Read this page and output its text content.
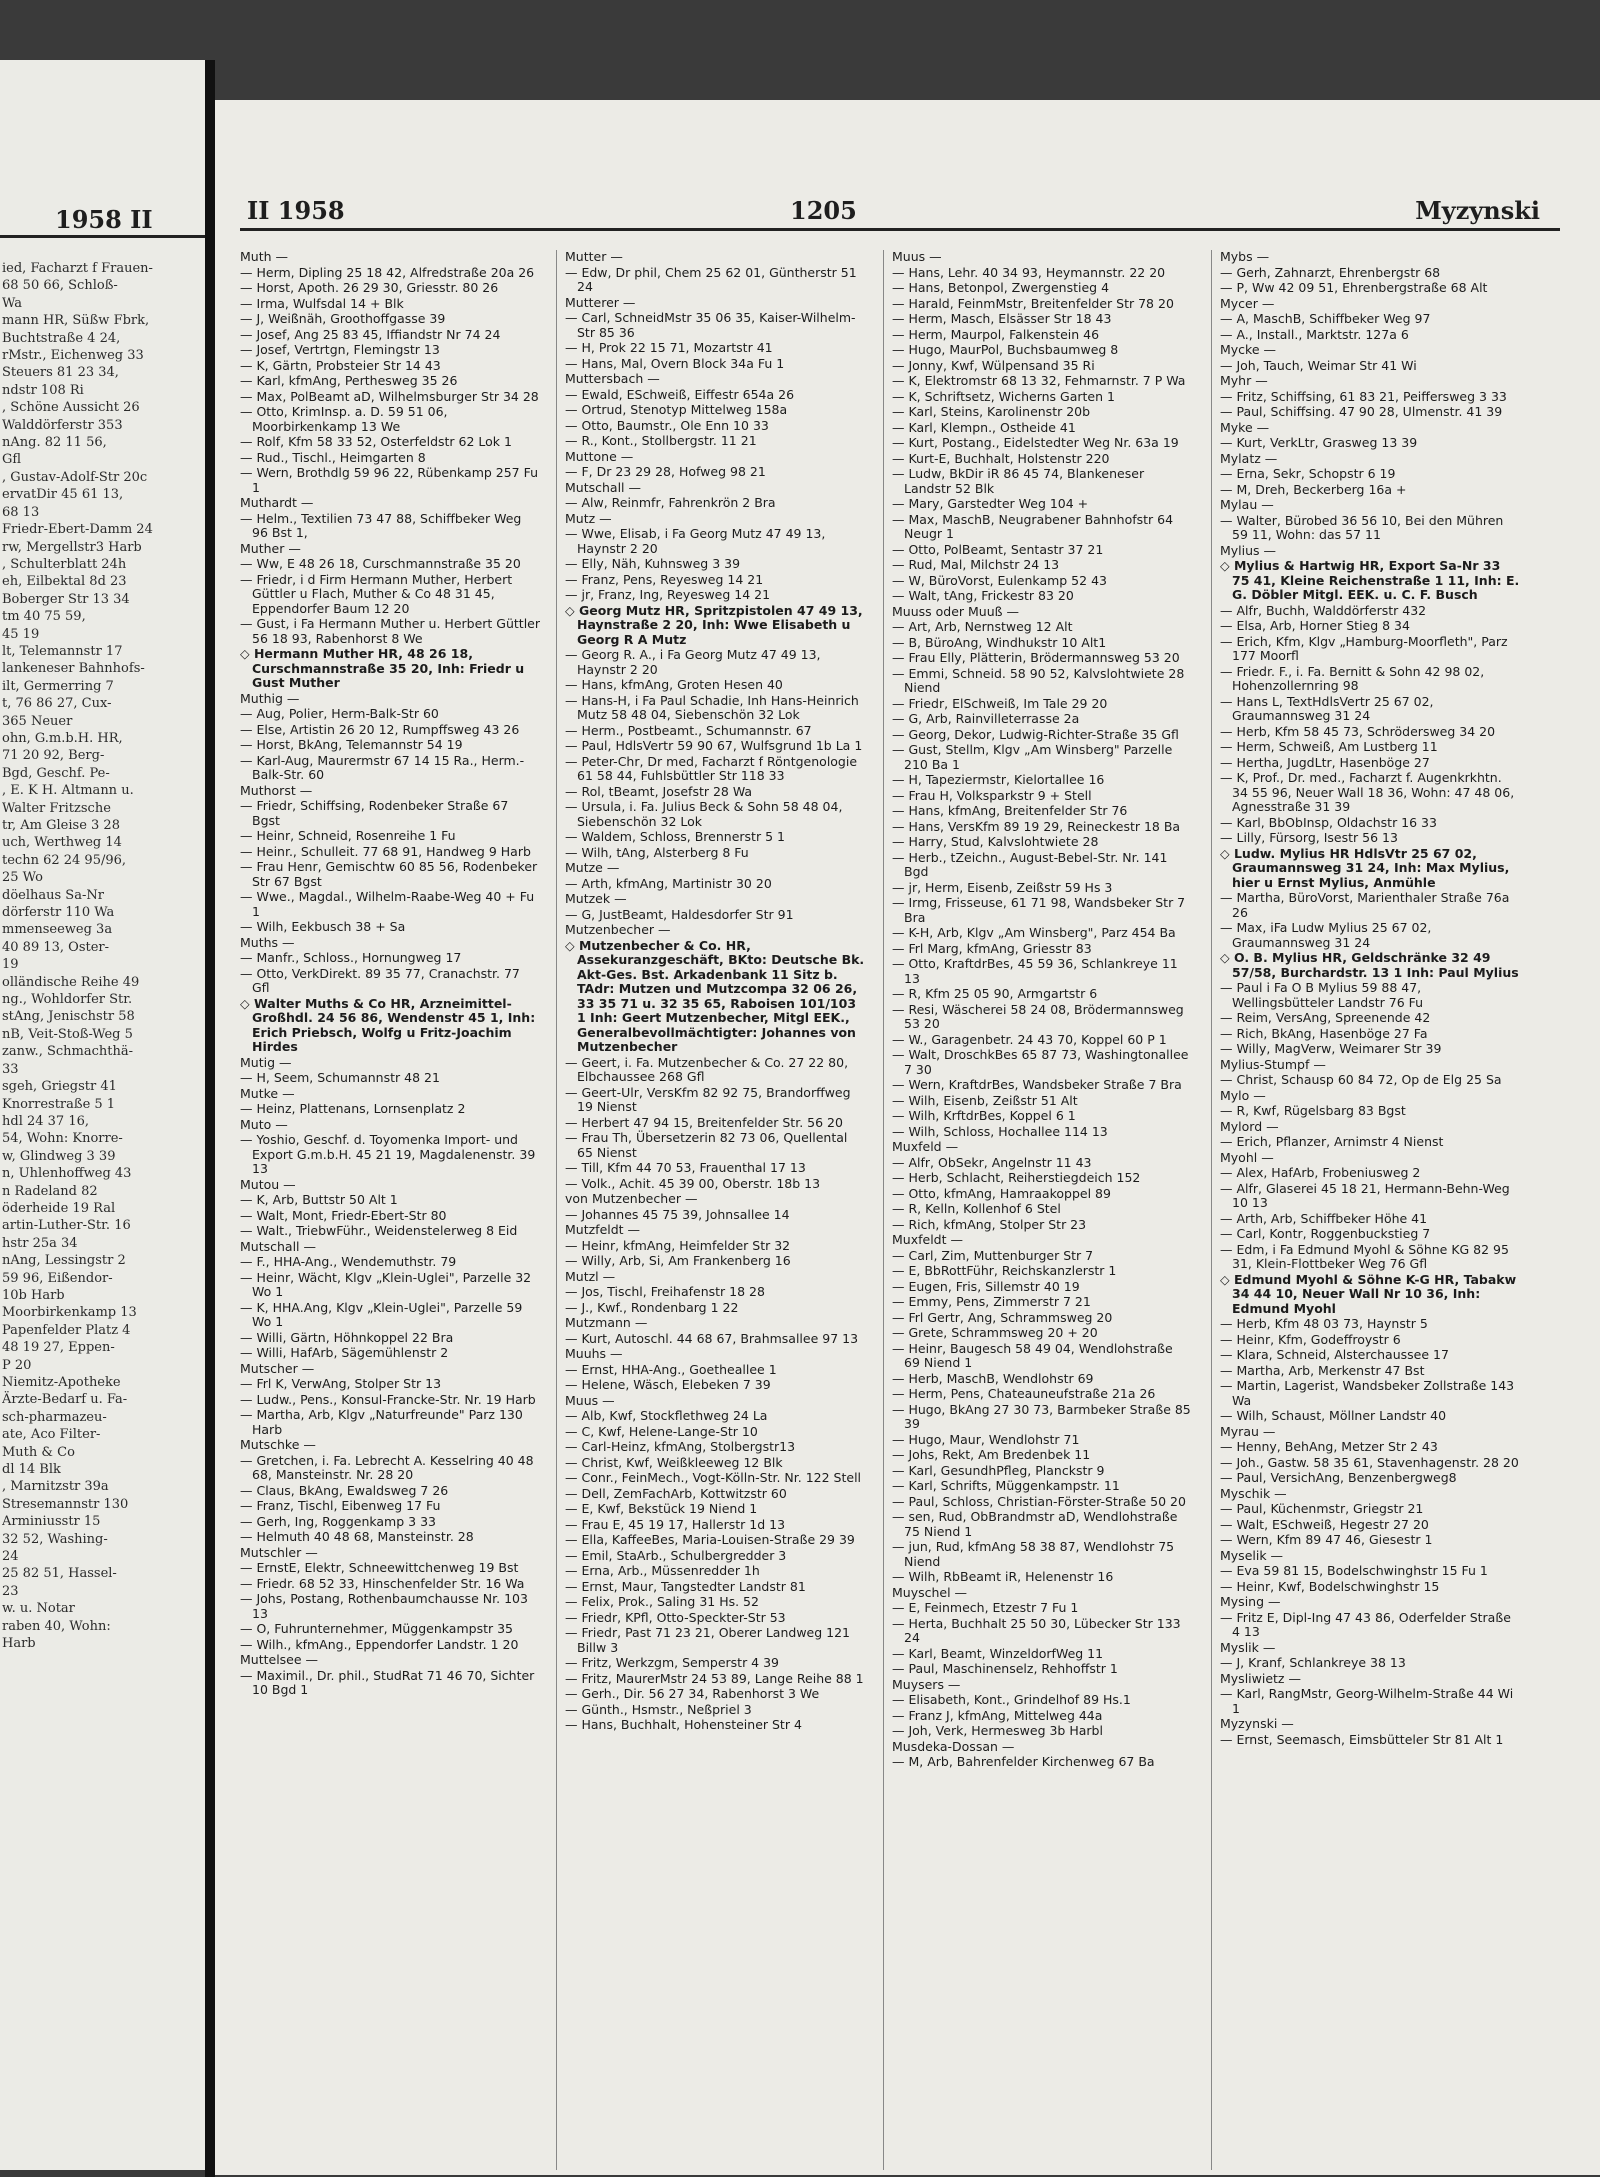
1958 II
ied, Facharzt f Frauen-
68 50 66, Schloß-
Wa
mann HR, Süßw Fbrk,
Buchtstraße 4 24,
rMstr., Eichenweg 33
Steuers 81 23 34,
ndstr 108 Ri
, Schöne Aussicht 26
Walddörferstr 353
nAng. 82 11 56,
Gfl
, Gustav-Adolf-Str 20c
ervatDir 45 61 13,
68 13
Friedr-Ebert-Damm 24
rw, Mergellstr3 Harb
, Schulterblatt 24h
eh, Eilbektal 8d 23
Boberger Str 13 34
tm 40 75 59,
45 19
lt, Telemannstr 17
lankeneser Bahnhofs-
ilt, Germerring 7
t, 76 86 27, Cux-
365 Neuer
ohn, G.m.b.H. HR,
71 20 92, Berg-
Bgd, Geschf. Pe-
, E. K H. Altmann u.
Walter Fritzsche
tr, Am Gleise 3 28
uch, Werthweg 14
techn 62 24 95/96,
25 Wo
döelhaus Sa-Nr
dörferstr 110 Wa
mmenseeweg 3a
40 89 13, Oster-
19
olländische Reihe 49
ng., Wohldorfer Str.
stAng, Jenischstr 58
nB, Veit-Stoß-Weg 5
zanw., Schmachthä-
33
sgeh, Griegstr 41
Knorrestraße 5 1
hdl 24 37 16,
54, Wohn: Knorre-
w, Glindweg 3 39
n, Uhlenhoffweg 43
n Radeland 82
öderheide 19 Ral
artin-Luther-Str. 16
hstr 25a 34
nAng, Lessingstr 2
59 96, Eißendor-
10b Harb
Moorbirkenkamp 13
Papenfelder Platz 4
48 19 27, Eppen-
P 20
Niemitz-Apotheke
Ärzte-Bedarf u. Fa-
sch-pharmazeu-
ate, Aco Filter-
Muth & Co
dl 14 Blk
, Marnitzstr 39a
Stresemannstr 130
Arminiusstr 15
32 52, Washing-
24
25 82 51, Hassel-
23
w. u. Notar
raben 40, Wohn:
Harb
II 1958	1205	Myzynski
Muth —
— Herm, Dipling 25 18 42, Alfredstraße 20a 26
— Horst, Apoth. 26 29 30, Griesstr. 80 26
— Irma, Wulfsdal 14 + Blk
— J, Weißnäh, Groothoffgasse 39
— Josef, Ang 25 83 45, Iffiandstr Nr 74 24
— Josef, Vertrtgn, Flemingstr 13
— K, Gärtn, Probsteier Str 14 43
— Karl, kfmAng, Perthesweg 35 26
— Max, PolBeamt aD, Wilhelmsburger Str 34 28
— Otto, KrimInsp. a. D. 59 51 06, Moorbirkenkamp 13 We
— Rolf, Kfm 58 33 52, Osterfeldstr 62 Lok 1
— Rud., Tischl., Heimgarten 8
— Wern, Brothdlg 59 96 22, Rübenkamp 257 Fu 1
Muthardt —
— Helm., Textilien 73 47 88, Schiffbeker Weg 96 Bst 1,
Muther —
— Ww, E 48 26 18, Curschmannstraße 35 20
— Friedr, i d Firm Hermann Muther, Herbert Güttler u Flach, Muther & Co 48 31 45, Eppendorfer Baum 12 20
— Gust, i Fa Hermann Muther u. Herbert Güttler 56 18 93, Rabenhorst 8 We
◇ Hermann Muther HR, 48 26 18, Curschmannstraße 35 20, Inh: Friedr u Gust Muther
Muthig —
— Aug, Polier, Herm-Balk-Str 60
— Else, Artistin 26 20 12, Rumpffsweg 43 26
— Horst, BkAng, Telemannstr 54 19
— Karl-Aug, Maurermstr 67 14 15 Ra., Herm.-Balk-Str. 60
Muthorst —
— Friedr, Schiffsing, Rodenbeker Straße 67 Bgst
— Heinr, Schneid, Rosenreihe 1 Fu
— Heinr., Schulleit. 77 68 91, Handweg 9 Harb
— Frau Henr, Gemischtw 60 85 56, Rodenbeker Str 67 Bgst
— Wwe., Magdal., Wilhelm-Raabe-Weg 40 + Fu 1
— Wilh, Eekbusch 38 + Sa
Muths —
— Manfr., Schloss., Hornungweg 17
— Otto, VerkDirekt. 89 35 77, Cranachstr. 77 Gfl
◇ Walter Muths & Co HR, Arzneimittel-Großhdl. 24 56 86, Wendenstr 45 1, Inh: Erich Priebsch, Wolfg u Fritz-Joachim Hirdes
Mutig —
— H, Seem, Schumannstr 48 21
Mutke —
— Heinz, Plattenans, Lornsenplatz 2
Muto —
— Yoshio, Geschf. d. Toyomenka Import- und Export G.m.b.H. 45 21 19, Magdalenenstr. 39 13
Mutou —
— K, Arb, Buttstr 50 Alt 1
— Walt, Mont, Friedr-Ebert-Str 80
— Walt., TriebwFühr., Weidenstelerweg 8 Eid
Mutschall —
— F., HHA-Ang., Wendemuthstr. 79
— Heinr, Wächt, Klgv „Klein-Uglei", Parzelle 32 Wo 1
— K, HHA.Ang, Klgv „Klein-Uglei", Parzelle 59 Wo 1
— Willi, Gärtn, Höhnkoppel 22 Bra
— Willi, HafArb, Sägemühlenstr 2
Mutscher —
— Frl K, VerwAng, Stolper Str 13
— Ludw., Pens., Konsul-Francke-Str. Nr. 19 Harb
— Martha, Arb, Klgv „Naturfreunde" Parz 130 Harb
Mutschke —
— Gretchen, i. Fa. Lebrecht A. Kesselring 40 48 68, Mansteinstr. Nr. 28 20
— Claus, BkAng, Ewaldsweg 7 26
— Franz, Tischl, Eibenweg 17 Fu
— Gerh, Ing, Roggenkamp 3 33
— Helmuth 40 48 68, Mansteinstr. 28
Mutschler —
— ErnstE, Elektr, Schneewittchenweg 19 Bst
— Friedr. 68 52 33, Hinschenfelder Str. 16 Wa
— Johs, Postang, Rothenbaumchausse Nr. 103 13
— O, Fuhrunternehmer, Müggenkampstr 35
— Wilh., kfmAng., Eppendorfer Landstr. 1 20
Muttelsee —
— Maximil., Dr. phil., StudRat 71 46 70, Sichter 10 Bgd 1
Mutter —
— Edw, Dr phil, Chem 25 62 01, Güntherstr 51 24
Mutterer —
— Carl, SchneidMstr 35 06 35, Kaiser-Wilhelm-Str 85 36
— H, Prok 22 15 71, Mozartstr 41
— Hans, Mal, Overn Block 34a Fu 1
Muttersbach —
— Ewald, ESchweiß, Eiffestr 654a 26
— Ortrud, Stenotyp Mittelweg 158a
— Otto, Baumstr., Ole Enn 10 33
— R., Kont., Stollbergstr. 11 21
Muttone —
— F, Dr 23 29 28, Hofweg 98 21
Mutschall —
— Alw, Reinmfr, Fahrenkrön 2 Bra
Mutz —
— Wwe, Elisab, i Fa Georg Mutz 47 49 13, Haynstr 2 20
— Elly, Näh, Kuhnsweg 3 39
— Franz, Pens, Reyesweg 14 21
— jr, Franz, Ing, Reyesweg 14 21
◇ Georg Mutz HR, Spritzpistolen 47 49 13, Haynstraße 2 20, Inh: Wwe Elisabeth u Georg R A Mutz
— Georg R. A., i Fa Georg Mutz 47 49 13, Haynstr 2 20
— Hans, kfmAng, Groten Hesen 40
— Hans-H, i Fa Paul Schadie, Inh Hans-Heinrich Mutz 58 48 04, Siebenschön 32 Lok
— Herm., Postbeamt., Schumannstr. 67
— Paul, HdlsVertr 59 90 67, Wulfsgrund 1b La 1
— Peter-Chr, Dr med, Facharzt f Röntgenologie 61 58 44, Fuhlsbüttler Str 118 33
— Rol, tBeamt, Josefstr 28 Wa
— Ursula, i. Fa. Julius Beck & Sohn 58 48 04, Siebenschön 32 Lok
— Waldem, Schloss, Brennerstr 5 1
— Wilh, tAng, Alsterberg 8 Fu
Mutze —
— Arth, kfmAng, Martinistr 30 20
Mutzek —
— G, JustBeamt, Haldesdorfer Str 91
Mutzenbecher —
◇ Mutzenbecher & Co. HR, Assekuranzgeschäft, BKto: Deutsche Bk. Akt-Ges. Bst. Arkadenbank 11 Sitz b. TAdr: Mutzen und Mutzcompa 32 06 26, 33 35 71 u. 32 35 65, Raboisen 101/103 1 Inh: Geert Mutzenbecher, Mitgl EEK., Generalbevollmächtigter: Johannes von Mutzenbecher
— Geert, i. Fa. Mutzenbecher & Co. 27 22 80, Elbchaussee 268 Gfl
— Geert-Ulr, VersKfm 82 92 75, Brandorffweg 19 Nienst
— Herbert 47 94 15, Breitenfelder Str. 56 20
— Frau Th, Übersetzerin 82 73 06, Quellental 65 Nienst
— Till, Kfm 44 70 53, Frauenthal 17 13
— Volk., Achit. 45 39 00, Oberstr. 18b 13
von Mutzenbecher —
— Johannes 45 75 39, Johnsallee 14
Mutzfeldt —
— Heinr, kfmAng, Heimfelder Str 32
— Willy, Arb, Si, Am Frankenberg 16
Mutzl —
— Jos, Tischl, Freihafenstr 18 28
— J., Kwf., Rondenbarg 1 22
Mutzmann —
— Kurt, Autoschl. 44 68 67, Brahmsallee 97 13
Muuhs —
— Ernst, HHA-Ang., Goetheallee 1
— Helene, Wäsch, Elebeken 7 39
Muus —
— Alb, Kwf, Stockflethweg 24 La
— C, Kwf, Helene-Lange-Str 10
— Carl-Heinz, kfmAng, Stolbergstr13
— Christ, Kwf, Weißkleeweg 12 Blk
— Conr., FeinMech., Vogt-Kölln-Str. Nr. 122 Stell
— Dell, ZemFachArb, Kottwitzstr 60
— E, Kwf, Bekstück 19 Niend 1
— Frau E, 45 19 17, Hallerstr 1d 13
— Ella, KaffeeBes, Maria-Louisen-Straße 29 39
— Emil, StaArb., Schulbergredder 3
— Erna, Arb., Müssenredder 1h
— Ernst, Maur, Tangstedter Landstr 81
— Felix, Prok., Saling 31 Hs. 52
— Friedr, KPfl, Otto-Speckter-Str 53
— Friedr, Past 71 23 21, Oberer Landweg 121 Billw 3
— Fritz, Werkzgm, Semperstr 4 39
— Fritz, MaurerMstr 24 53 89, Lange Reihe 88 1
— Gerh., Dir. 56 27 34, Rabenhorst 3 We
— Günth., Hsmstr., Neßpriel 3
— Hans, Buchhalt, Hohensteiner Str 4
Muus —
— Hans, Lehr. 40 34 93, Heymannstr. 22 20
— Hans, Betonpol, Zwergenstieg 4
— Harald, FeinmMstr, Breitenfelder Str 78 20
— Herm, Masch, Elsässer Str 18 43
— Herm, Maurpol, Falkenstein 46
— Hugo, MaurPol, Buchsbaumweg 8
— Jonny, Kwf, Wülpensand 35 Ri
— K, Elektromstr 68 13 32, Fehmarnstr. 7 P Wa
— K, Schriftsetz, Wicherns Garten 1
— Karl, Steins, Karolinenstr 20b
— Karl, Klempn., Ostheide 41
— Kurt, Postang., Eidelstedter Weg Nr. 63a 19
— Kurt-E, Buchhalt, Holstenstr 220
— Ludw, BkDir iR 86 45 74, Blankeneser Landstr 52 Blk
— Mary, Garstedter Weg 104 +
— Max, MaschB, Neugrabener Bahnhofstr 64 Neugr 1
— Otto, PolBeamt, Sentastr 37 21
— Rud, Mal, Milchstr 24 13
— W, BüroVorst, Eulenkamp 52 43
— Walt, tAng, Frickestr 83 20
Muuss oder Muuß —
— Art, Arb, Nernstweg 12 Alt
— B, BüroAng, Windhukstr 10 Alt1
— Frau Elly, Plätterin, Brödermannsweg 53 20
— Emmi, Schneid. 58 90 52, Kalvslohtwiete 28 Niend
— Friedr, ElSchweiß, Im Tale 29 20
— G, Arb, Rainvilleterrasse 2a
— Georg, Dekor, Ludwig-Richter-Straße 35 Gfl
— Gust, Stellm, Klgv „Am Winsberg" Parzelle 210 Ba 1
— H, Tapeziermstr, Kielortallee 16
— Frau H, Volksparkstr 9 + Stell
— Hans, kfmAng, Breitenfelder Str 76
— Hans, VersKfm 89 19 29, Reineckestr 18 Ba
— Harry, Stud, Kalvslohtwiete 28
— Herb., tZeichn., August-Bebel-Str. Nr. 141 Bgd
— jr, Herm, Eisenb, Zeißstr 59 Hs 3
— Irmg, Frisseuse, 61 71 98, Wandsbeker Str 7 Bra
— K-H, Arb, Klgv „Am Winsberg", Parz 454 Ba
— Frl Marg, kfmAng, Griesstr 83
— Otto, KraftdrBes, 45 59 36, Schlankreye 11 13
— R, Kfm 25 05 90, Armgartstr 6
— Resi, Wäscherei 58 24 08, Brödermannsweg 53 20
— W., Garagenbetr. 24 43 70, Koppel 60 P 1
— Walt, DroschkBes 65 87 73, Washingtonallee 7 30
— Wern, KraftdrBes, Wandsbeker Straße 7 Bra
— Wilh, Eisenb, Zeißstr 51 Alt
— Wilh, KrftdrBes, Koppel 6 1
— Wilh, Schloss, Hochallee 114 13
Muxfeld —
— Alfr, ObSekr, Angelnstr 11 43
— Herb, Schlacht, Reiherstiegdeich 152
— Otto, kfmAng, Hamraakoppel 89
— R, Kelln, Kollenhof 6 Stel
— Rich, kfmAng, Stolper Str 23
Muxfeldt —
— Carl, Zim, Muttenburger Str 7
— E, BbRottFühr, Reichskanzlerstr 1
— Eugen, Fris, Sillemstr 40 19
— Emmy, Pens, Zimmerstr 7 21
— Frl Gertr, Ang, Schrammsweg 20
— Grete, Schrammsweg 20 + 20
— Heinr, Baugesch 58 49 04, Wendlohstraße 69 Niend 1
— Herb, MaschB, Wendlohstr 69
— Herm, Pens, Chateauneufstraße 21a 26
— Hugo, BkAng 27 30 73, Barmbeker Straße 85 39
— Hugo, Maur, Wendlohstr 71
— Johs, Rekt, Am Bredenbek 11
— Karl, GesundhPfleg, Planckstr 9
— Karl, Schrifts, Müggenkampstr. 11
— Paul, Schloss, Christian-Förster-Straße 50 20
— sen, Rud, ObBrandmstr aD, Wendlohstraße 75 Niend 1
— jun, Rud, kfmAng 58 38 87, Wendlohstr 75 Niend
— Wilh, RbBeamt iR, Helenenstr 16
Muyschel —
— E, Feinmech, Etzestr 7 Fu 1
— Herta, Buchhalt 25 50 30, Lübecker Str 133 24
— Karl, Beamt, WinzeldorfWeg 11
— Paul, Maschinenselz, Rehhoffstr 1
Muysers —
— Elisabeth, Kont., Grindelhof 89 Hs.1
— Franz J, kfmAng, Mittelweg 44a
— Joh, Verk, Hermesweg 3b Harbl
Musdeka-Dossan —
— M, Arb, Bahrenfelder Kirchenweg 67 Ba
Mybs —
— Gerh, Zahnarzt, Ehrenbergstr 68
— P, Ww 42 09 51, Ehrenbergstraße 68 Alt
Mycer —
— A, MaschB, Schiffbeker Weg 97
— A., Install., Marktstr. 127a 6
Mycke —
— Joh, Tauch, Weimar Str 41 Wi
Myhr —
— Fritz, Schiffsing, 61 83 21, Peiffersweg 3 33
— Paul, Schiffsing. 47 90 28, Ulmenstr. 41 39
Myke —
— Kurt, VerkLtr, Grasweg 13 39
Mylatz —
— Erna, Sekr, Schopstr 6 19
— M, Dreh, Beckerberg 16a +
Mylau —
— Walter, Bürobed 36 56 10, Bei den Mühren 59 11, Wohn: das 57 11
Mylius —
◇ Mylius & Hartwig HR, Export Sa-Nr 33 75 41, Kleine Reichenstraße 1 11, Inh: E. G. Döbler Mitgl. EEK. u. C. F. Busch
— Alfr, Buchh, Walddörferstr 432
— Elsa, Arb, Horner Stieg 8 34
— Erich, Kfm, Klgv „Hamburg-Moorfleth", Parz 177 Moorfl
— Friedr. F., i. Fa. Bernitt & Sohn 42 98 02, Hohenzollernring 98
— Hans L, TextHdlsVertr 25 67 02, Graumannsweg 31 24
— Herb, Kfm 58 45 73, Schrödersweg 34 20
— Herm, Schweiß, Am Lustberg 11
— Hertha, JugdLtr, Hasenböge 27
— K, Prof., Dr. med., Facharzt f. Augenkrkhtn. 34 55 96, Neuer Wall 18 36, Wohn: 47 48 06, Agnesstraße 31 39
— Karl, BbObInsp, Oldachstr 16 33
— Lilly, Fürsorg, Isestr 56 13
◇ Ludw. Mylius HR HdlsVtr 25 67 02, Graumannsweg 31 24, Inh: Max Mylius, hier u Ernst Mylius, Anmühle
— Martha, BüroVorst, Marienthaler Straße 76a 26
— Max, iFa Ludw Mylius 25 67 02, Graumannsweg 31 24
◇ O. B. Mylius HR, Geldschränke 32 49 57/58, Burchardstr. 13 1 Inh: Paul Mylius
— Paul i Fa O B Mylius 59 88 47, Wellingsbütteler Landstr 76 Fu
— Reim, VersAng, Spreenende 42
— Rich, BkAng, Hasenböge 27 Fa
— Willy, MagVerw, Weimarer Str 39
Mylius-Stumpf —
— Christ, Schausp 60 84 72, Op de Elg 25 Sa
Mylo —
— R, Kwf, Rügelsbarg 83 Bgst
Mylord —
— Erich, Pflanzer, Arnimstr 4 Nienst
Myohl —
— Alex, HafArb, Frobeniusweg 2
— Alfr, Glaserei 45 18 21, Hermann-Behn-Weg 10 13
— Arth, Arb, Schiffbeker Höhe 41
— Carl, Kontr, Roggenbuckstieg 7
— Edm, i Fa Edmund Myohl & Söhne KG 82 95 31, Klein-Flottbeker Weg 76 Gfl
◇ Edmund Myohl & Söhne K-G HR, Tabakw 34 44 10, Neuer Wall Nr 10 36, Inh: Edmund Myohl
— Herb, Kfm 48 03 73, Haynstr 5
— Heinr, Kfm, Godeffroystr 6
— Klara, Schneid, Alsterchaussee 17
— Martha, Arb, Merkenstr 47 Bst
— Martin, Lagerist, Wandsbeker Zollstraße 143 Wa
— Wilh, Schaust, Möllner Landstr 40
Myrau —
— Henny, BehAng, Metzer Str 2 43
— Joh., Gastw. 58 35 61, Stavenhagenstr. 28 20
— Paul, VersichAng, Benzenbergweg8
Myschik —
— Paul, Küchenmstr, Griegstr 21
— Walt, ESchweiß, Hegestr 27 20
— Wern, Kfm 89 47 46, Giesestr 1
Myselik —
— Eva 59 81 15, Bodelschwinghstr 15 Fu 1
— Heinr, Kwf, Bodelschwinghstr 15
Mysing —
— Fritz E, Dipl-Ing 47 43 86, Oderfelder Straße 4 13
Myslik —
— J, Kranf, Schlankreye 38 13
Mysliwietz —
— Karl, RangMstr, Georg-Wilhelm-Straße 44 Wi 1
Myzynski —
— Ernst, Seemasch, Eimsbütteler Str 81 Alt 1
